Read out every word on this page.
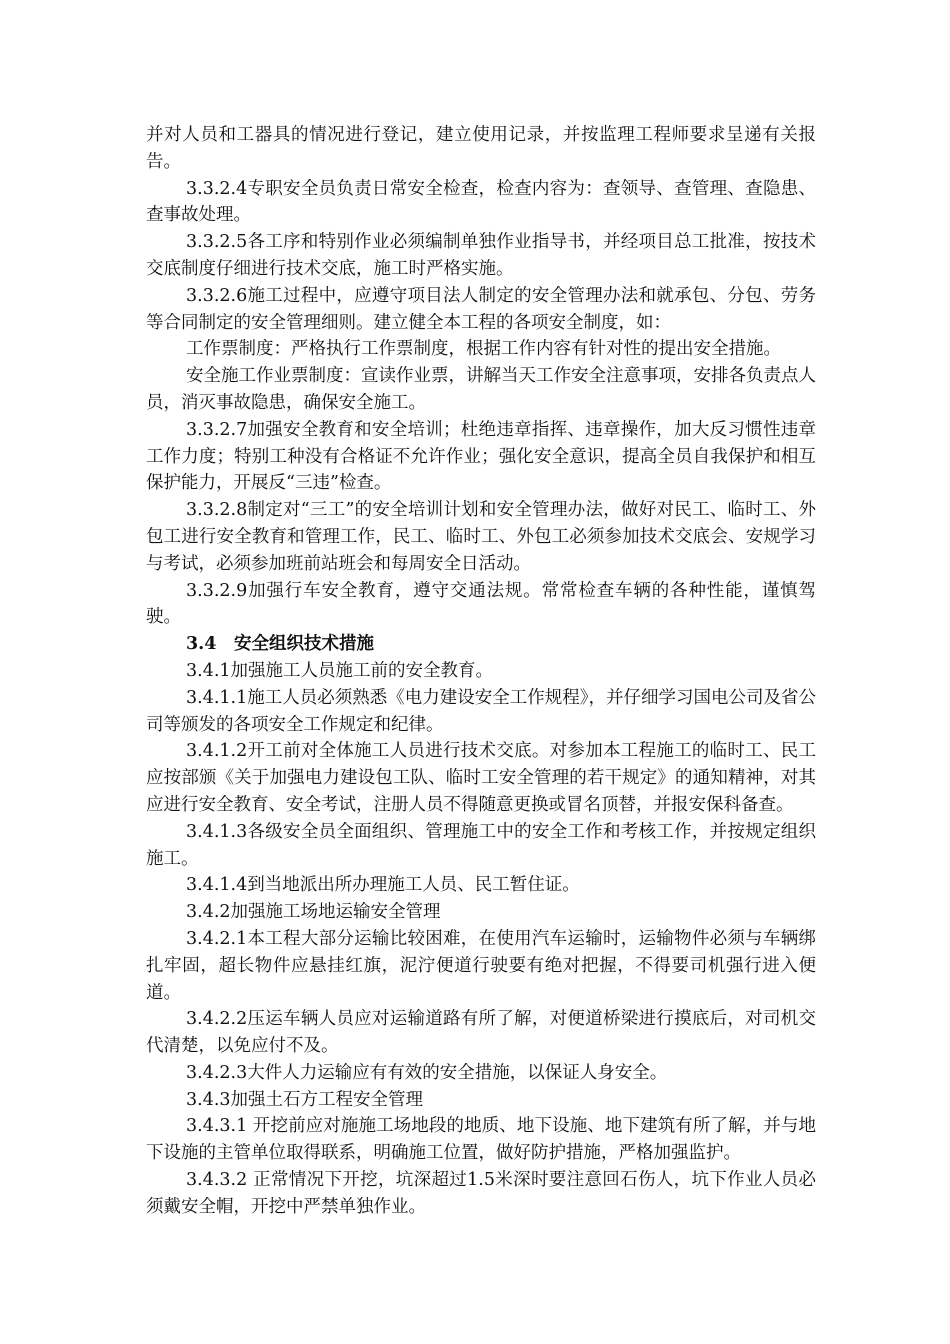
并对人员和工器具的情况进行登记，建立使用记录，并按监理工程师要求呈递有关报告。

3.3.2.4专职安全员负责日常安全检查，检查内容为：查领导、查管理、查隐患、查事故处理。

3.3.2.5各工序和特别作业必须编制单独作业指导书，并经项目总工批准，按技术交底制度仔细进行技术交底，施工时严格实施。

3.3.2.6施工过程中，应遵守项目法人制定的安全管理办法和就承包、分包、劳务等合同制定的安全管理细则。建立健全本工程的各项安全制度，如：

工作票制度：严格执行工作票制度，根据工作内容有针对性的提出安全措施。

安全施工作业票制度：宣读作业票，讲解当天工作安全注意事项，安排各负责点人员，消灭事故隐患，确保安全施工。

3.3.2.7加强安全教育和安全培训；杜绝违章指挥、违章操作，加大反习惯性违章工作力度；特别工种没有合格证不允许作业；强化安全意识，提高全员自我保护和相互保护能力，开展反“三违”检查。

3.3.2.8制定对“三工”的安全培训计划和安全管理办法，做好对民工、临时工、外包工进行安全教育和管理工作，民工、临时工、外包工必须参加技术交底会、安规学习与考试，必须参加班前站班会和每周安全日活动。

3.3.2.9加强行车安全教育，遵守交通法规。常常检查车辆的各种性能，谨慎驾驶。

3.4　安全组织技术措施

3.4.1加强施工人员施工前的安全教育。

3.4.1.1施工人员必须熟悉《电力建设安全工作规程》，并仔细学习国电公司及省公司等颁发的各项安全工作规定和纪律。

3.4.1.2开工前对全体施工人员进行技术交底。对参加本工程施工的临时工、民工应按部颁《关于加强电力建设包工队、临时工安全管理的若干规定》的通知精神，对其应进行安全教育、安全考试，注册人员不得随意更换或冒名顶替，并报安保科备查。

3.4.1.3各级安全员全面组织、管理施工中的安全工作和考核工作，并按规定组织施工。

3.4.1.4到当地派出所办理施工人员、民工暂住证。

3.4.2加强施工场地运输安全管理

3.4.2.1本工程大部分运输比较困难，在使用汽车运输时，运输物件必须与车辆绑扎牢固，超长物件应悬挂红旗，泥泞便道行驶要有绝对把握，不得要司机强行进入便道。

3.4.2.2压运车辆人员应对运输道路有所了解，对便道桥梁进行摸底后，对司机交代清楚，以免应付不及。

3.4.2.3大件人力运输应有有效的安全措施，以保证人身安全。

3.4.3加强土石方工程安全管理

3.4.3.1 开挖前应对施施工场地段的地质、地下设施、地下建筑有所了解，并与地下设施的主管单位取得联系，明确施工位置，做好防护措施，严格加强监护。

3.4.3.2 正常情况下开挖，坑深超过1.5米深时要注意回石伤人，坑下作业人员必须戴安全帽，开挖中严禁单独作业。
